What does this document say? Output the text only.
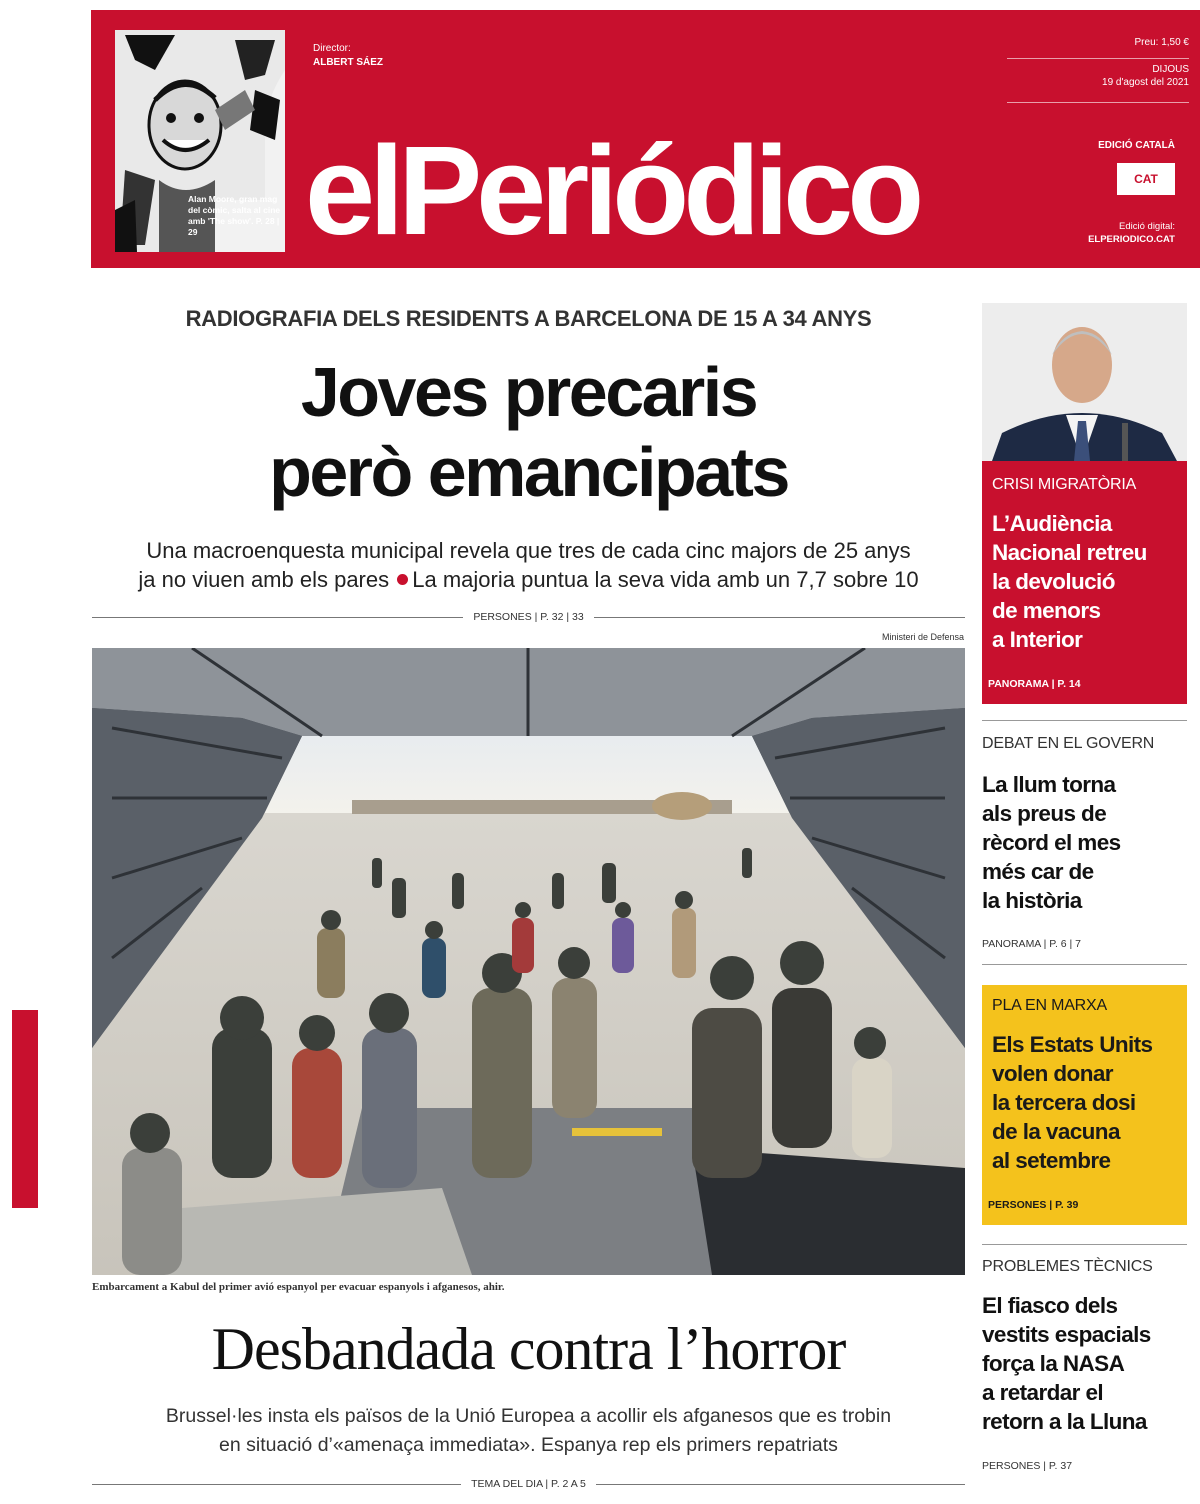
Alan Moore, gran mag del còmic, salta al cine amb 'The show'. P. 28 | 29
Director:
ALBERT SÁEZ
elPeriódico
Preu: 1,50 €
DIJOUS
19 d'agost del 2021
EDICIÓ CATALÀ
CAT
Edició digital:
ELPERIODICO.CAT
RADIOGRAFIA DELS RESIDENTS A BARCELONA DE 15 A 34 ANYS
Joves precaris
però emancipats
Una macroenquesta municipal revela que tres de cada cinc majors de 25 anys
ja no viuen amb els pares La majoria puntua la seva vida amb un 7,7 sobre 10
PERSONES | P. 32 | 33
Ministeri de Defensa
Embarcament a Kabul del primer avió espanyol per evacuar espanyols i afganesos, ahir.
Desbandada contra l’horror
Brussel·les insta els països de la Unió Europea a acollir els afganesos que es trobin
en situació d’«amenaça immediata». Espanya rep els primers repatriats
TEMA DEL DIA | P. 2 A 5
CRISI MIGRATÒRIA
L’Audiència
Nacional retreu
la devolució
de menors
a Interior
PANORAMA | P. 14
DEBAT EN EL GOVERN
La llum torna
als preus de
rècord el mes
més car de
la història
PANORAMA | P. 6 | 7
PLA EN MARXA
Els Estats Units
volen donar
la tercera dosi
de la vacuna
al setembre
PERSONES | P. 39
PROBLEMES TÈCNICS
El fiasco dels
vestits espacials
força la NASA
a retardar el
retorn a la Lluna
PERSONES | P. 37
